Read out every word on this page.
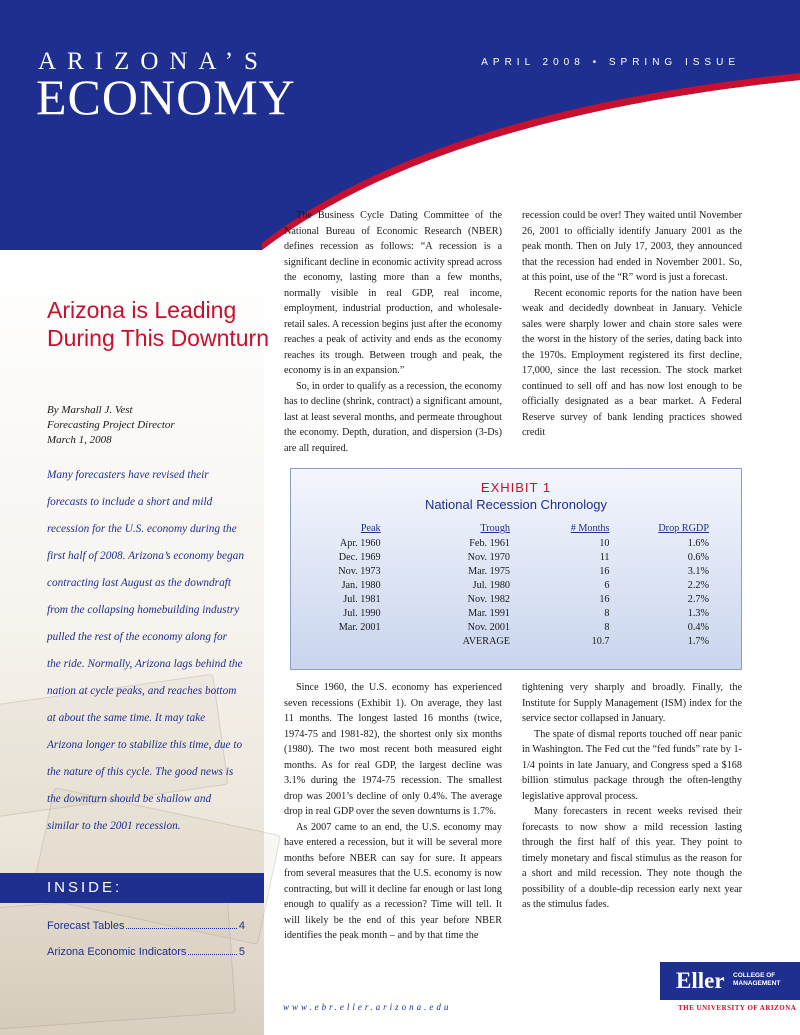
ARIZONA’S
ECONOMY
APRIL 2008 • SPRING ISSUE
Arizona is Leading
During This Downturn
By Marshall J. Vest
Forecasting Project Director
March 1, 2008
Many forecasters have revised their
forecasts to include a short and mild
recession for the U.S. economy during the
first half of 2008. Arizona’s economy began
contracting last August as the downdraft
from the collapsing homebuilding industry
pulled the rest of the economy along for
the ride. Normally, Arizona lags behind the
nation at cycle peaks, and reaches bottom
at about the same time. It may take
Arizona longer to stabilize this time, due to
the nature of this cycle. The good news is
the downturn should be shallow and
similar to the 2001 recession.
INSIDE:
Forecast Tables	4
Arizona Economic Indicators	5

The Business Cycle Dating Committee of the National Bureau of Economic Research (NBER) defines recession as follows: “A recession is a significant decline in economic activity spread across the economy, lasting more than a few months, normally visible in real GDP, real income, employment, industrial production, and wholesale-retail sales. A recession begins just after the economy reaches a peak of activity and ends as the economy reaches its trough. Between trough and peak, the economy is in an expansion.”

So, in order to qualify as a recession, the economy has to decline (shrink, contract) a significant amount, last at least several months, and permeate throughout the economy. Depth, duration, and dispersion (3-Ds) are all required.

recession could be over! They waited until November 26, 2001 to officially identify January 2001 as the peak month. Then on July 17, 2003, they announced that the recession had ended in November 2001. So, at this point, use of the “R” word is just a forecast.

Recent economic reports for the nation have been weak and decidedly downbeat in January. Vehicle sales were sharply lower and chain store sales were the worst in the history of the series, dating back into the 1970s. Employment registered its first decline, 17,000, since the last recession. The stock market continued to sell off and has now lost enough to be officially designated as a bear market. A Federal Reserve survey of bank lending practices showed credit

EXHIBIT 1
National Recession Chronology
Peak	Trough	# Months	Drop RGDP
Apr. 1960	Feb. 1961	10	1.6%
Dec. 1969	Nov. 1970	11	0.6%
Nov. 1973	Mar. 1975	16	3.1%
Jan. 1980	Jul. 1980	6	2.2%
Jul. 1981	Nov. 1982	16	2.7%
Jul. 1990	Mar. 1991	8	1.3%
Mar. 2001	Nov. 2001	8	0.4%
	AVERAGE	10.7	1.7%

Since 1960, the U.S. economy has experienced seven recessions (Exhibit 1). On average, they last 11 months. The longest lasted 16 months (twice, 1974-75 and 1981-82), the shortest only six months (1980). The two most recent both measured eight months. As for real GDP, the largest decline was 3.1% during the 1974-75 recession. The smallest drop was 2001’s decline of only 0.4%. The average drop in real GDP over the seven downturns is 1.7%.

As 2007 came to an end, the U.S. economy may have entered a recession, but it will be several more months before NBER can say for sure. It appears from several measures that the U.S. economy is now contracting, but will it decline far enough or last long enough to qualify as a recession? Time will tell. It will likely be the end of this year before NBER identifies the peak month – and by that time the

tightening very sharply and broadly. Finally, the Institute for Supply Management (ISM) index for the service sector collapsed in January.

The spate of dismal reports touched off near panic in Washington. The Fed cut the “fed funds” rate by 1-1/4 points in late January, and Congress sped a $168 billion stimulus package through the often-lengthy legislative approval process.

Many forecasters in recent weeks revised their forecasts to now show a mild recession lasting through the first half of this year. They point to timely monetary and fiscal stimulus as the reason for a short and mild recession. They note though the possibility of a double-dip recession early next year as the stimulus fades.

www.ebr.eller.arizona.edu
Eller COLLEGE OF
MANAGEMENT
THE UNIVERSITY OF ARIZONA
